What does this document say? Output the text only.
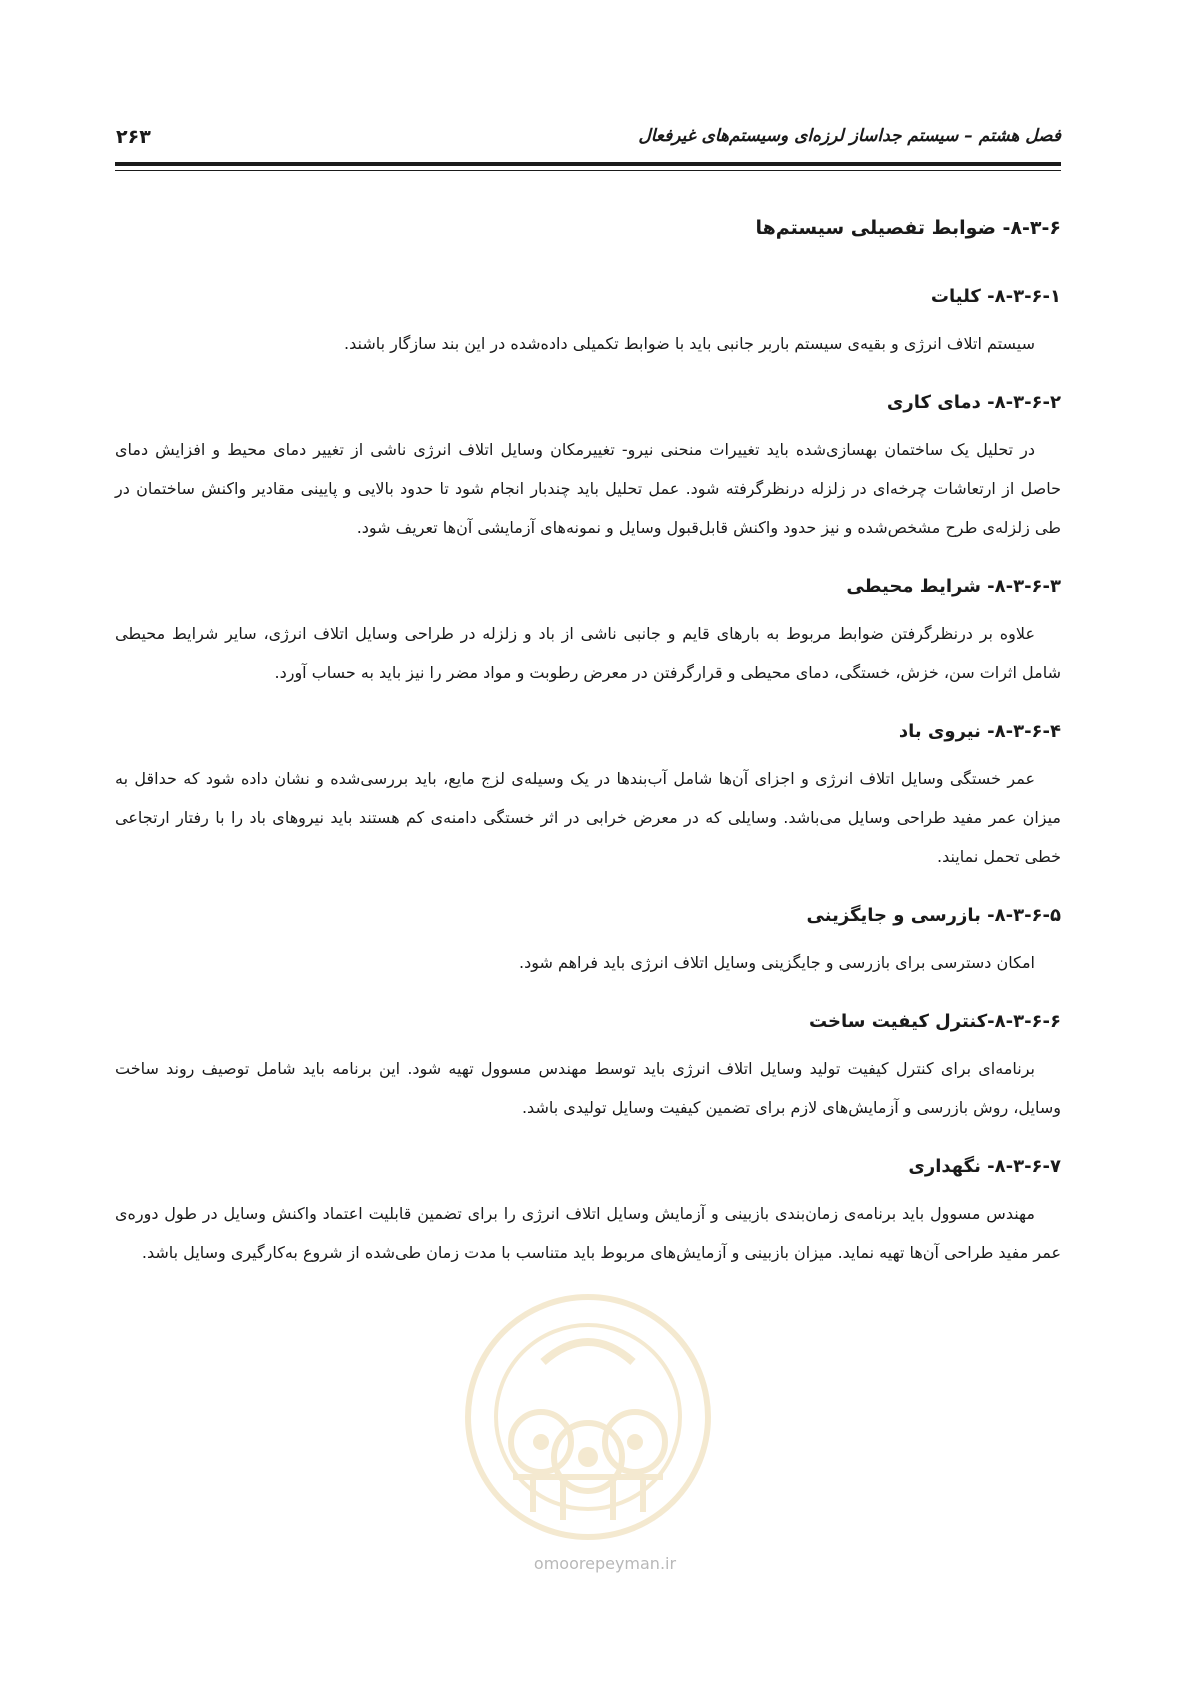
فصل هشتم – سیستم جداساز لرزه‌ای وسیستم‌های غیرفعال
۲۶۳
۸-۳-۶- ضوابط تفصیلی سیستم‌ها
۸-۳-۶-۱- کلیات

سیستم اتلاف انرژی و بقیه‌ی سیستم باربر جانبی باید با ضوابط تکمیلی داده‌شده در این بند سازگار باشند.

۸-۳-۶-۲- دمای کاری

در تحلیل یک ساختمان بهسازی‌شده باید تغییرات منحنی نیرو- تغییرمکان وسایل اتلاف انرژی ناشی از تغییر دمای محیط و افزایش دمای حاصل از ارتعاشات چرخه‌ای در زلزله درنظرگرفته شود. عمل تحلیل باید چندبار انجام شود تا حدود بالایی و پایینی مقادیر واکنش ساختمان در طی زلزله‌ی طرح مشخص‌شده و نیز حدود واکنش قابل‌قبول وسایل و نمونه‌های آزمایشی آن‌ها تعریف شود.

۸-۳-۶-۳- شرایط محیطی

علاوه بر درنظرگرفتن ضوابط مربوط به بارهای قایم و جانبی ناشی از باد و زلزله در طراحی وسایل اتلاف انرژی، سایر شرایط محیطی شامل اثرات سن، خزش، خستگی، دمای محیطی و قرارگرفتن در معرض رطوبت و مواد مضر را نیز باید به حساب آورد.

۸-۳-۶-۴- نیروی باد

عمر خستگی وسایل اتلاف انرژی و اجزای آن‌ها شامل آب‌بندها در یک وسیله‌ی لزج مایع، باید بررسی‌شده و نشان داده شود که حداقل به میزان عمر مفید طراحی وسایل می‌باشد. وسایلی که در معرض خرابی در اثر خستگی دامنه‌ی کم هستند باید نیروهای باد را با رفتار ارتجاعی خطی تحمل نمایند.

۸-۳-۶-۵- بازرسی و جایگزینی

امکان دسترسی برای بازرسی و جایگزینی وسایل اتلاف انرژی باید فراهم شود.

۸-۳-۶-۶-کنترل کیفیت ساخت

برنامه‌ای برای کنترل کیفیت تولید وسایل اتلاف انرژی باید توسط مهندس مسوول تهیه شود. این برنامه باید شامل توصیف روند ساخت وسایل، روش بازرسی و آزمایش‌های لازم برای تضمین کیفیت وسایل تولیدی باشد.

۸-۳-۶-۷- نگهداری

مهندس مسوول باید برنامه‌ی زمان‌بندی بازبینی و آزمایش وسایل اتلاف انرژی را برای تضمین قابلیت اعتماد واکنش وسایل در طول دوره‌ی عمر مفید طراحی آن‌ها تهیه نماید. میزان بازبینی و آزمایش‌های مربوط باید متناسب با مدت زمان طی‌شده از شروع به‌کارگیری وسایل باشد.

omoorepeyman.ir
